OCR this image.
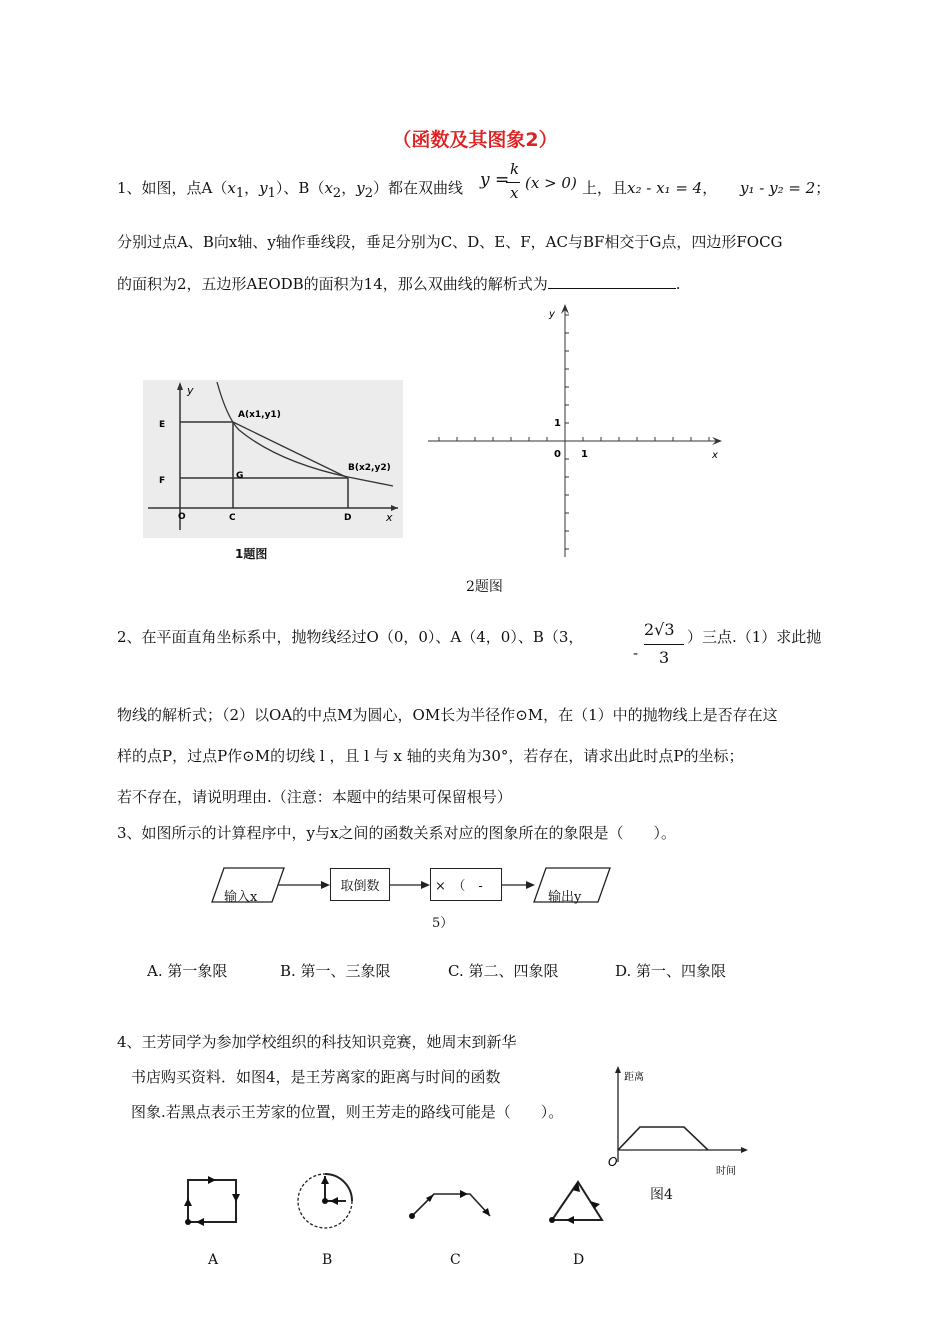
（函数及其图象2）
1、如图，点$A(x_1$，$y_1$）、$B(x_2$，$y_2$）都在双曲线 y =
k
x
(x > 0) 上，且x₂ - x₁ = 4， y₁ - y₂ = 2；
分别过点A、B向x轴、y轴作垂线段，垂足分别为C、D、E、F，AC与BF相交于G点，四边形FOCG
的面积为2，五边形AEODB的面积为14，那么双曲线的解析式为	.
y
x
E
F
O	C	D
G
A(x1,y1)
B(x2,y2)
1题图
y
x
1
1
0
2题图
2、在平面直角坐标系中，抛物线经过O（0，0）、A（4，0）、B（3，
-
2√3
3
）三点.（1）求此抛
物线的解析式；（2）以OA的中点M为圆心，OM长为半径作⊙M，在（1）中的抛物线上是否存在这
样的点P，过点P作⊙M的切线 l ，且 l 与 x 轴的夹角为30°，若存在，请求出此时点P的坐标；
若不存在，请说明理由.（注意：本题中的结果可保留根号）
3、如图所示的计算程序中，y与x之间的函数关系对应的图象所在的象限是（　　）。
输入x
取倒数	×　（　-
5）
输出y
A. 第一象限	B. 第一、三象限	C. 第二、四象限	D. 第一、四象限
4、王芳同学为参加学校组织的科技知识竞赛，她周末到新华
书店购买资料．如图4，是王芳离家的距离与时间的函数
图象.若黑点表示王芳家的位置，则王芳走的路线可能是（　　）。
距离
时间
O
图4
A	B	C	D
